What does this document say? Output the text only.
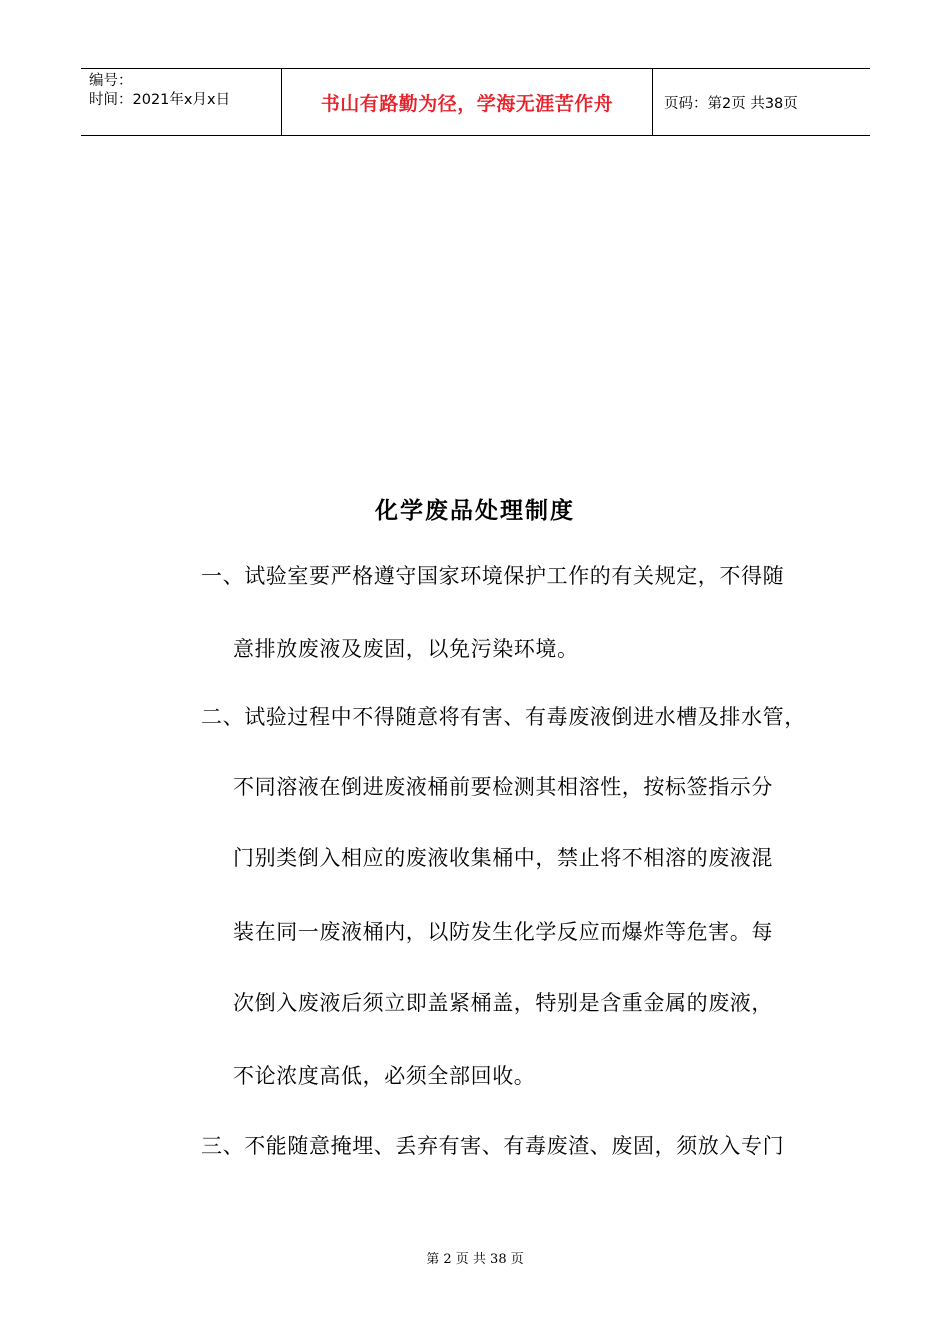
编号：
时间：2021年x月x日	书山有路勤为径，学海无涯苦作舟	页码：第2页 共38页
化学废品处理制度
一、试验室要严格遵守国家环境保护工作的有关规定，不得随
意排放废液及废固，以免污染环境。
二、试验过程中不得随意将有害、有毒废液倒进水槽及排水管，
不同溶液在倒进废液桶前要检测其相溶性，按标签指示分
门别类倒入相应的废液收集桶中，禁止将不相溶的废液混
装在同一废液桶内，以防发生化学反应而爆炸等危害。每
次倒入废液后须立即盖紧桶盖，特别是含重金属的废液，
不论浓度高低，必须全部回收。
三、不能随意掩埋、丢弃有害、有毒废渣、废固，须放入专门
第 2 页 共 38 页
